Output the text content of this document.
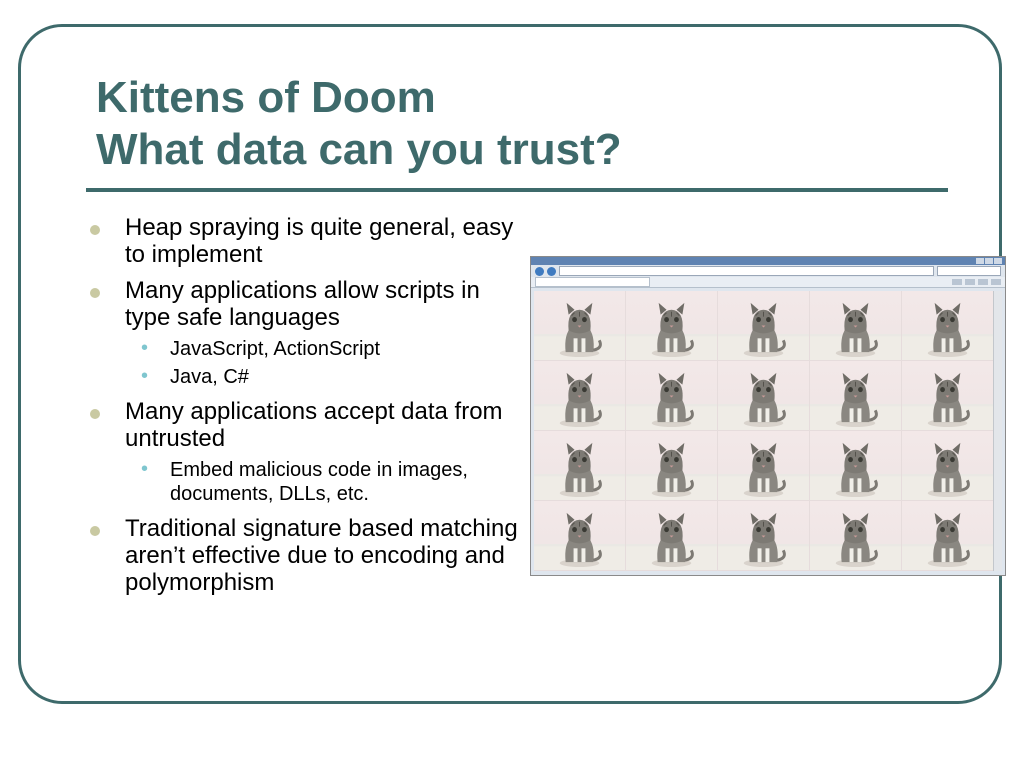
Kittens of Doom
What data can you trust?
Heap spraying is quite general, easy to implement
Many applications allow scripts in type safe languages
• JavaScript, ActionScript
• Java, C#
Many applications accept data from untrusted
• Embed malicious code in images, documents, DLLs, etc.
Traditional signature based matching aren’t effective due to encoding and polymorphism
